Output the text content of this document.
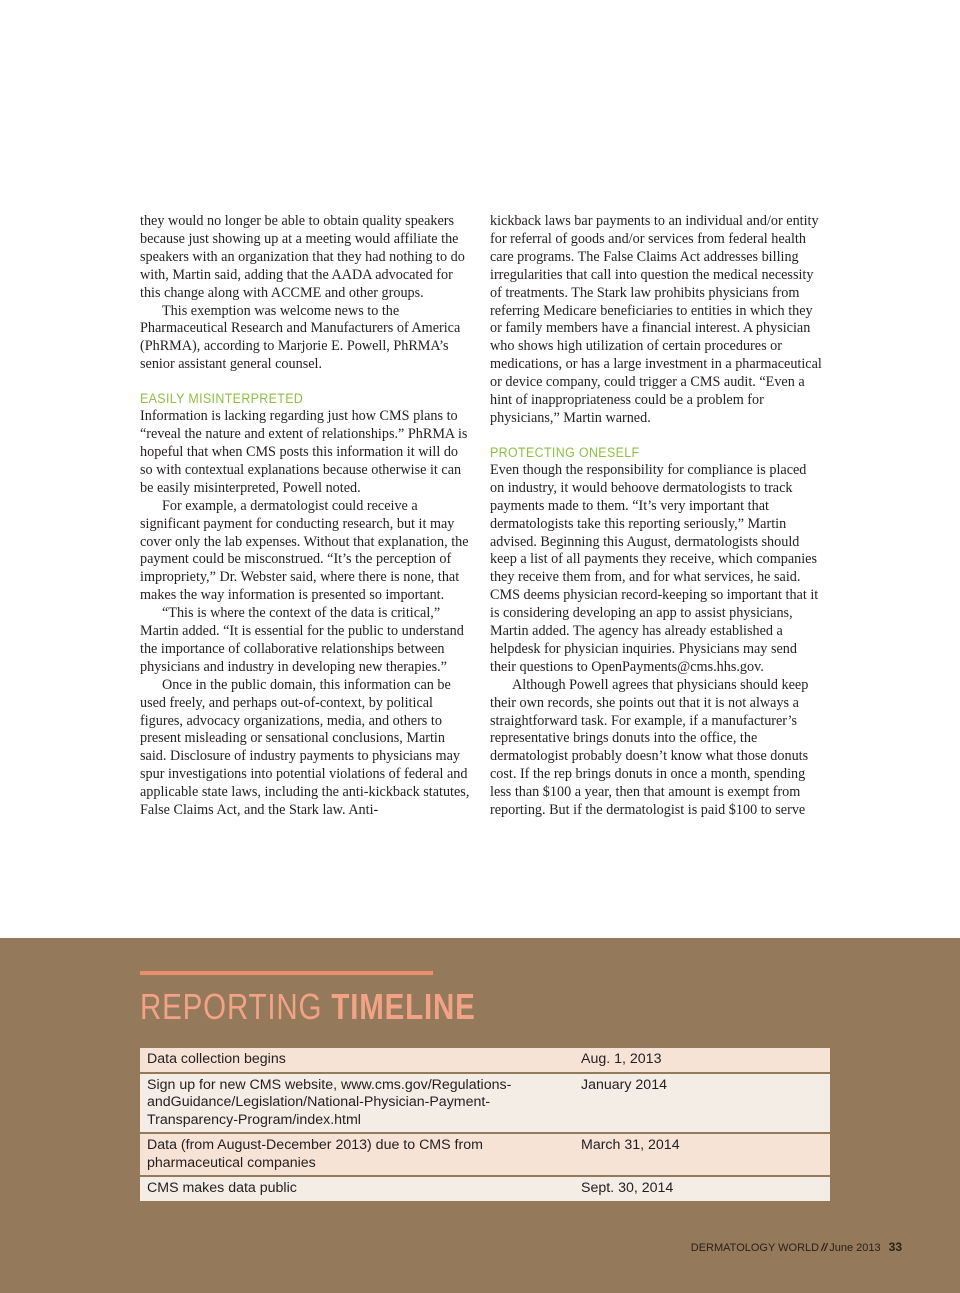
they would no longer be able to obtain quality speakers because just showing up at a meeting would affiliate the speakers with an organization that they had nothing to do with, Martin said, adding that the AADA advocated for this change along with ACCME and other groups.

This exemption was welcome news to the Pharmaceutical Research and Manufacturers of America (PhRMA), according to Marjorie E. Powell, PhRMA’s senior assistant general counsel.

EASILY MISINTERPRETED

Information is lacking regarding just how CMS plans to “reveal the nature and extent of relationships.” PhRMA is hopeful that when CMS posts this information it will do so with contextual explanations because otherwise it can be easily misinterpreted, Powell noted.

For example, a dermatologist could receive a significant payment for conducting research, but it may cover only the lab expenses. Without that explanation, the payment could be misconstrued. “It’s the perception of impropriety,” Dr. Webster said, where there is none, that makes the way information is presented so important.

“This is where the context of the data is critical,” Martin added. “It is essential for the public to understand the importance of collaborative relationships between physicians and industry in developing new therapies.”

Once in the public domain, this information can be used freely, and perhaps out-of-context, by political figures, advocacy organizations, media, and others to present misleading or sensational conclusions, Martin said. Disclosure of industry payments to physicians may spur investigations into potential violations of federal and applicable state laws, including the anti-kickback statutes, False Claims Act, and the Stark law. Anti-

kickback laws bar payments to an individual and/or entity for referral of goods and/or services from federal health care programs. The False Claims Act addresses billing irregularities that call into question the medical necessity of treatments. The Stark law prohibits physicians from referring Medicare beneficiaries to entities in which they or family members have a financial interest. A physician who shows high utilization of certain procedures or medications, or has a large investment in a pharmaceutical or device company, could trigger a CMS audit. “Even a hint of inappropriateness could be a problem for physicians,” Martin warned.

PROTECTING ONESELF

Even though the responsibility for compliance is placed on industry, it would behoove dermatologists to track payments made to them. “It’s very important that dermatologists take this reporting seriously,” Martin advised. Beginning this August, dermatologists should keep a list of all payments they receive, which companies they receive them from, and for what services, he said. CMS deems physician record-keeping so important that it is considering developing an app to assist physicians, Martin added. The agency has already established a helpdesk for physician inquiries. Physicians may send their questions to OpenPayments@cms.hhs.gov.

Although Powell agrees that physicians should keep their own records, she points out that it is not always a straightforward task. For example, if a manufacturer’s representative brings donuts into the office, the dermatologist probably doesn’t know what those donuts cost. If the rep brings donuts in once a month, spending less than $100 a year, then that amount is exempt from reporting. But if the dermatologist is paid $100 to serve

REPORTING TIMELINE
Data collection begins	Aug. 1, 2013
Sign up for new CMS website, www.cms.gov/Regulations-andGuidance/Legislation/National-Physician-Payment-Transparency-Program/index.html	January 2014
Data (from August-December 2013) due to CMS from pharmaceutical companies	March 31, 2014
CMS makes data public	Sept. 30, 2014
DERMATOLOGY WORLD // June 2013 33
